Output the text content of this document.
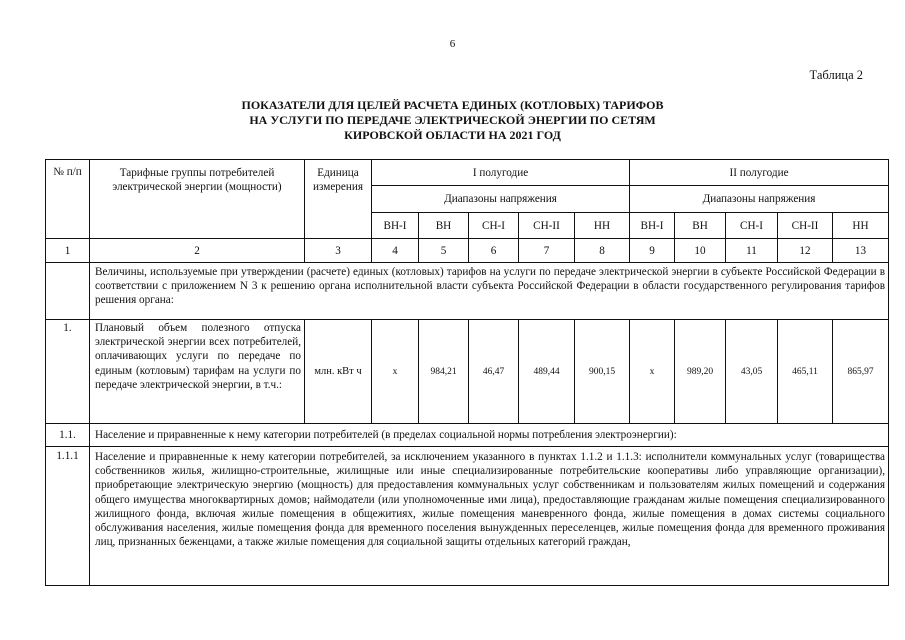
6
Таблица 2
ПОКАЗАТЕЛИ ДЛЯ ЦЕЛЕЙ РАСЧЕТА ЕДИНЫХ (КОТЛОВЫХ) ТАРИФОВ
НА УСЛУГИ ПО ПЕРЕДАЧЕ ЭЛЕКТРИЧЕСКОЙ ЭНЕРГИИ ПО СЕТЯМ
КИРОВСКОЙ ОБЛАСТИ НА 2021 ГОД
№ п/п	Тарифные группы потребителей электрической энергии (мощности)	Единица измерения	I полугодие					II полугодие				
			Диапазоны напряжения					Диапазоны напряжения				
			ВН-I	ВН	СН-I	СН-II	НН	ВН-I	ВН	СН-I	СН-II	НН
1	2	3	4	5	6	7	8	9	10	11	12	13
	Величины, используемые при утверждении (расчете) единых (котловых) тарифов на услуги по передаче электрической энергии в субъекте Российской Федерации в соответствии с приложением N 3 к решению органа исполнительной власти субъекта Российской Федерации в области государственного регулирования тарифов решения органа:											
1.	Плановый объем полезного отпуска электрической энергии всех потребителей, оплачивающих услуги по передаче по единым (котловым) тарифам на услуги по передаче электрической энергии, в т.ч.:	млн. кВт ч	x	984,21	46,47	489,44	900,15	x	989,20	43,05	465,11	865,97
1.1.	Население и приравненные к нему категории потребителей (в пределах социальной нормы потребления электроэнергии):											
1.1.1	Население и приравненные к нему категории потребителей, за исключением указанного в пунктах 1.1.2 и 1.1.3: исполнители коммунальных услуг (товарищества собственников жилья, жилищно-строительные, жилищные или иные специализированные потребительские кооперативы либо управляющие организации), приобретающие электрическую энергию (мощность) для предоставления коммунальных услуг собственникам и пользователям жилых помещений и содержания общего имущества многоквартирных домов; наймодатели (или уполномоченные ими лица), предоставляющие гражданам жилые помещения специализированного жилищного фонда, включая жилые помещения в общежитиях, жилые помещения маневренного фонда, жилые помещения в домах системы социального обслуживания населения, жилые помещения фонда для временного поселения вынужденных переселенцев, жилые помещения фонда для временного проживания лиц, признанных беженцами, а также жилые помещения для социальной защиты отдельных категорий граждан,											
